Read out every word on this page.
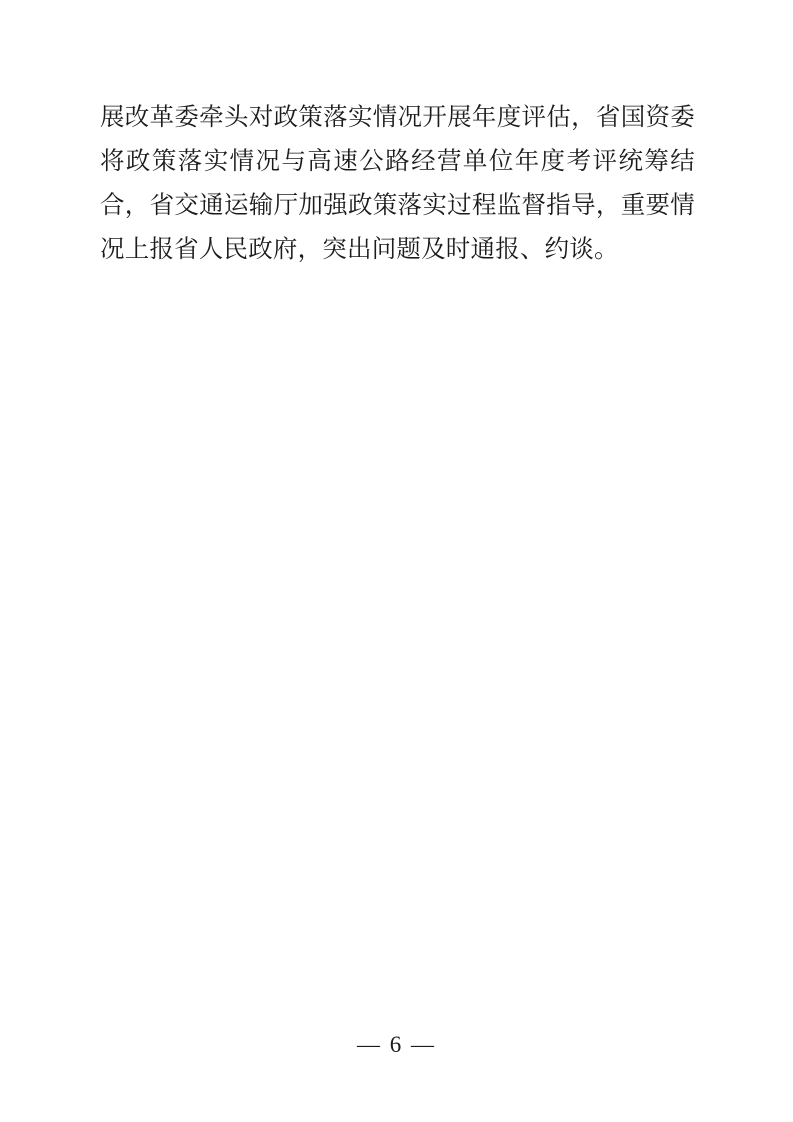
展改革委牵头对政策落实情况开展年度评估，省国资委将政策落实情况与高速公路经营单位年度考评统筹结合，省交通运输厅加强政策落实过程监督指导，重要情况上报省人民政府，突出问题及时通报、约谈。
— 6 —
